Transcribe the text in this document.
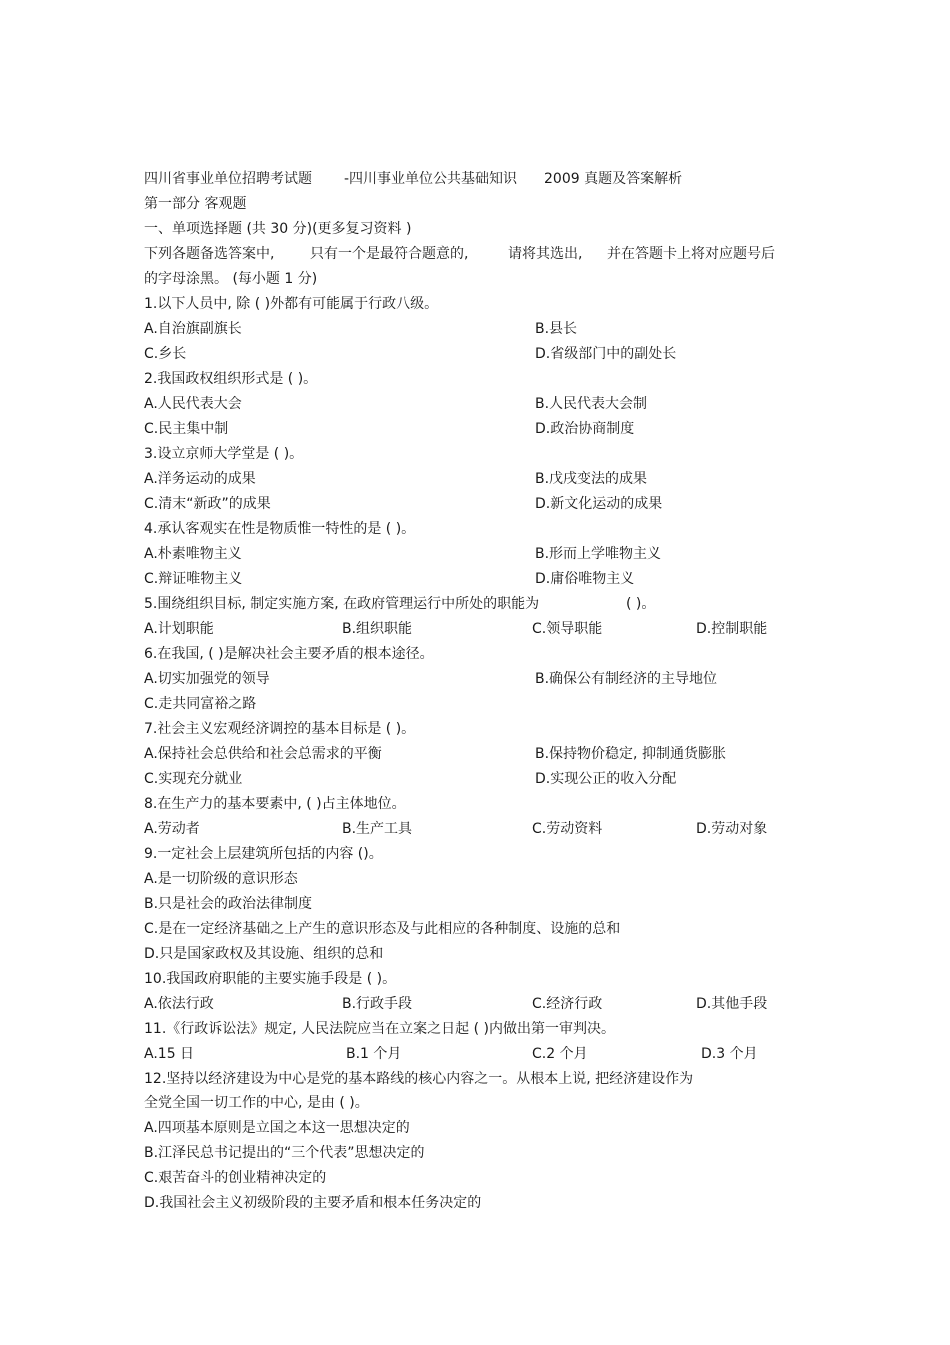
四川省事业单位招聘考试题 -四川事业单位公共基础知识 2009 真题及答案解析
第一部分 客观题
一、单项选择题 (共 30 分)(更多复习资料 )
下列各题备选答案中,	只有一个是最符合题意的,	请将其选出, 并在答题卡上将对应题号后
的字母涂黑。 (每小题 1 分)
1.以下人员中, 除 ( )外都有可能属于行政八级。
A.自治旗副旗长	B.县长
C.乡长	D.省级部门中的副处长
2.我国政权组织形式是 ( )。
A.人民代表大会	B.人民代表大会制
C.民主集中制	D.政治协商制度
3.设立京师大学堂是 ( )。
A.洋务运动的成果	B.戊戌变法的成果
C.清末“新政”的成果	D.新文化运动的成果
4.承认客观实在性是物质惟一特性的是 ( )。
A.朴素唯物主义	B.形而上学唯物主义
C.辩证唯物主义	D.庸俗唯物主义
5.围绕组织目标, 制定实施方案, 在政府管理运行中所处的职能为	( )。
A.计划职能	B.组织职能	C.领导职能	D.控制职能
6.在我国, ( )是解决社会主要矛盾的根本途径。
A.切实加强党的领导	B.确保公有制经济的主导地位
C.走共同富裕之路
7.社会主义宏观经济调控的基本目标是 ( )。
A.保持社会总供给和社会总需求的平衡	B.保持物价稳定, 抑制通货膨胀
C.实现充分就业	D.实现公正的收入分配
8.在生产力的基本要素中, ( )占主体地位。
A.劳动者	B.生产工具	C.劳动资料	D.劳动对象
9.一定社会上层建筑所包括的内容 ()。
A.是一切阶级的意识形态
B.只是社会的政治法律制度
C.是在一定经济基础之上产生的意识形态及与此相应的各种制度、设施的总和
D.只是国家政权及其设施、组织的总和
10.我国政府职能的主要实施手段是 ( )。
A.依法行政	B.行政手段	C.经济行政	D.其他手段
11.《行政诉讼法》规定, 人民法院应当在立案之日起 ( )内做出第一审判决。
A.15 日	B.1 个月	C.2 个月	D.3 个月
12.坚持以经济建设为中心是党的基本路线的核心内容之一。从根本上说, 把经济建设作为
全党全国一切工作的中心, 是由 ( )。
A.四项基本原则是立国之本这一思想决定的
B.江泽民总书记提出的“三个代表”思想决定的
C.艰苦奋斗的创业精神决定的
D.我国社会主义初级阶段的主要矛盾和根本任务决定的
